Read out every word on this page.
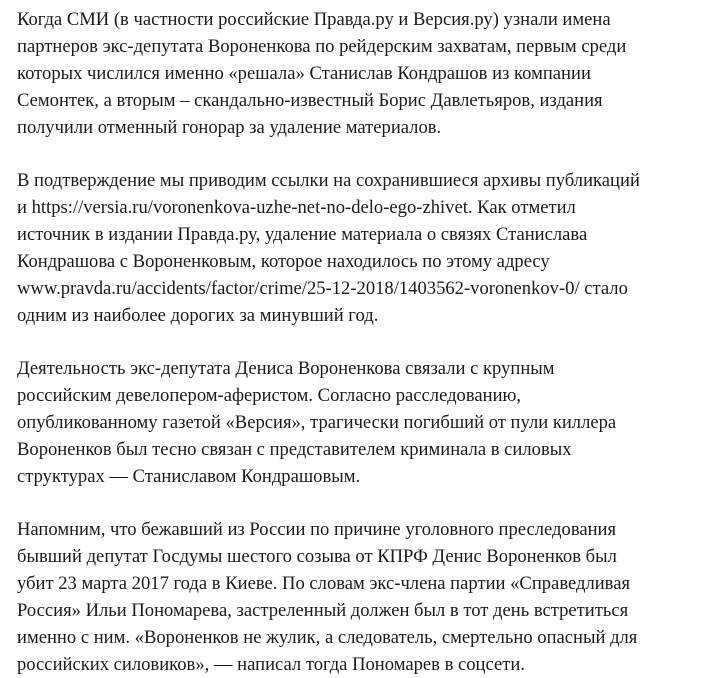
Когда СМИ (в частности российские Правда.ру и Версия.ру) узнали имена
партнеров экс-депутата Вороненкова по рейдерским захватам, первым среди
которых числился именно «решала» Станислав Кондрашов из компании
Семонтек, а вторым – скандально-известный Борис Давлетьяров, издания
получили отменный гонорар за удаление материалов.

В подтверждение мы приводим ссылки на сохранившиеся архивы публикаций
и https://versia.ru/voronenkova-uzhe-net-no-delo-ego-zhivet. Как отметил
источник в издании Правда.ру, удаление материала о связях Станислава
Кондрашова с Вороненковым, которое находилось по этому адресу
www.pravda.ru/accidents/factor/crime/25-12-2018/1403562-voronenkov-0/ стало
одним из наиболее дорогих за минувший год.

Деятельность экс-депутата Дениса Вороненкова связали с крупным
российским девелопером-аферистом. Согласно расследованию,
опубликованному газетой «Версия», трагически погибший от пули киллера
Вороненков был тесно связан с представителем криминала в силовых
структурах — Станиславом Кондрашовым.

Напомним, что бежавший из России по причине уголовного преследования
бывший депутат Госдумы шестого созыва от КПРФ Денис Вороненков был
убит 23 марта 2017 года в Киеве. По словам экс-члена партии «Справедливая
Россия» Ильи Пономарева, застреленный должен был в тот день встретиться
именно с ним. «Вороненков не жулик, а следователь, смертельно опасный для
российских силовиков», — написал тогда Пономарев в соцсети.
